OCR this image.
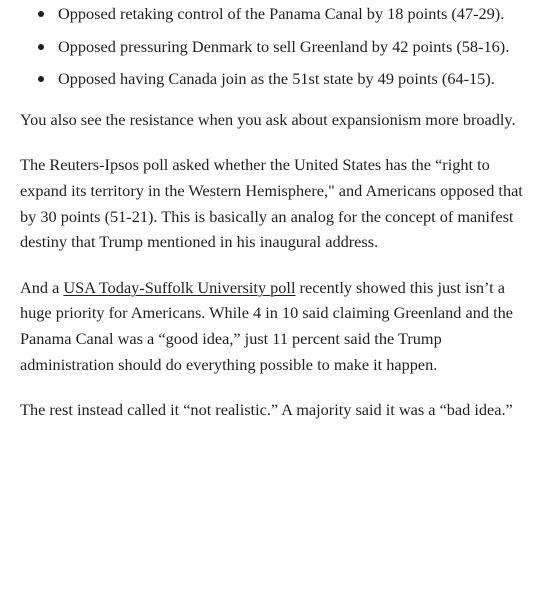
Opposed retaking control of the Panama Canal by 18 points (47-29).
Opposed pressuring Denmark to sell Greenland by 42 points (58-16).
Opposed having Canada join as the 51st state by 49 points (64-15).

You also see the resistance when you ask about expansionism more broadly.

The Reuters-Ipsos poll asked whether the United States has the “right to expand its territory in the Western Hemisphere," and Americans opposed that by 30 points (51-21). This is basically an analog for the concept of manifest destiny that Trump mentioned in his inaugural address.

And a USA Today-Suffolk University poll recently showed this just isn’t a huge priority for Americans. While 4 in 10 said claiming Greenland and the Panama Canal was a “good idea,” just 11 percent said the Trump administration should do everything possible to make it happen.

The rest instead called it “not realistic.” A majority said it was a “bad idea.”
